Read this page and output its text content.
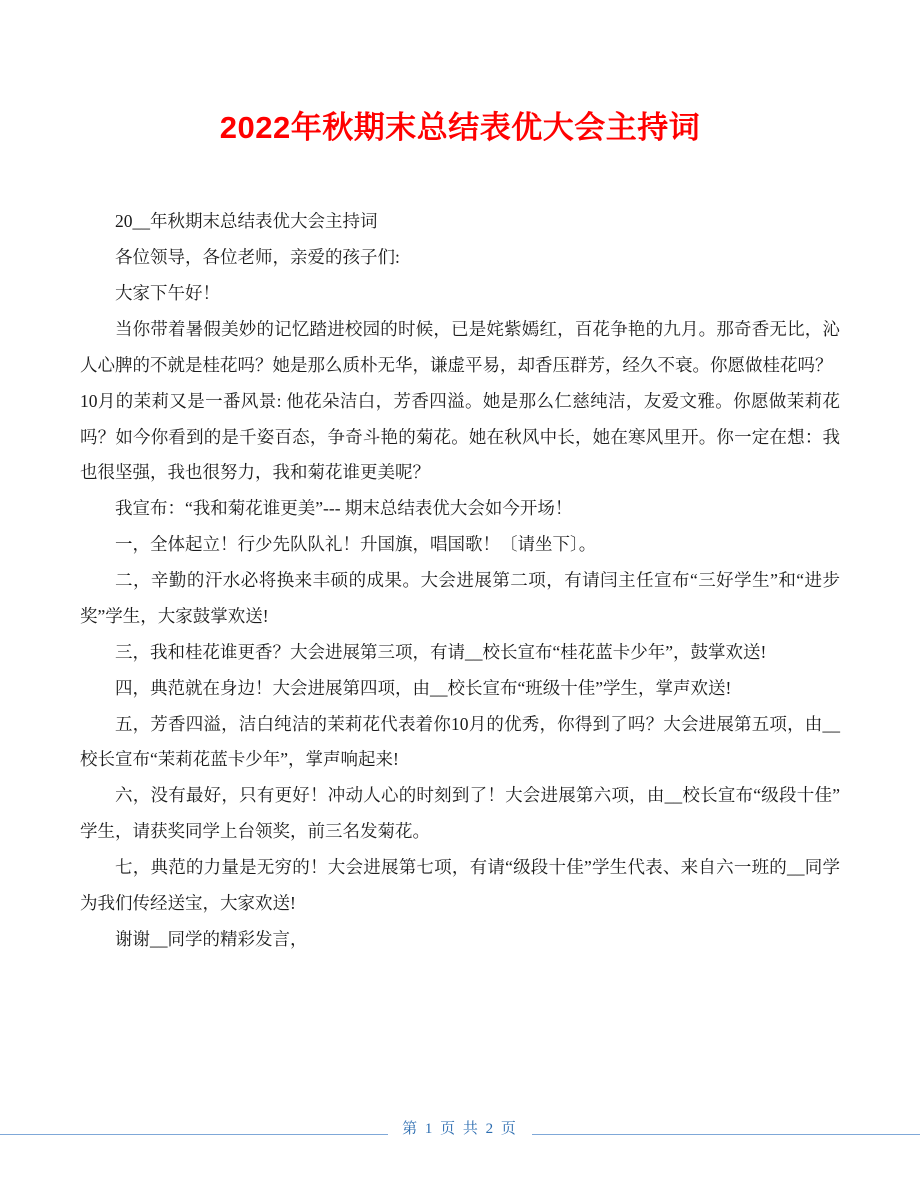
2022年秋期末总结表优大会主持词

20__年秋期末总结表优大会主持词

各位领导，各位老师，亲爱的孩子们:

大家下午好！

当你带着暑假美妙的记忆踏进校园的时候，已是姹紫嫣红，百花争艳的九月。那奇香无比，沁人心脾的不就是桂花吗？她是那么质朴无华，谦虚平易，却香压群芳，经久不衰。你愿做桂花吗？

10月的茉莉又是一番风景: 他花朵洁白，芳香四溢。她是那么仁慈纯洁，友爱文雅。你愿做茉莉花吗？如今你看到的是千姿百态，争奇斗艳的菊花。她在秋风中长，她在寒风里开。你一定在想：我也很坚强，我也很努力，我和菊花谁更美呢？

我宣布：“我和菊花谁更美”--- 期末总结表优大会如今开场！

一，全体起立！行少先队队礼！升国旗，唱国歌！〔请坐下〕。

二，辛勤的汗水必将换来丰硕的成果。大会进展第二项，有请闫主任宣布“三好学生”和“进步奖”学生，大家鼓掌欢送!

三，我和桂花谁更香？大会进展第三项，有请__校长宣布“桂花蓝卡少年”，鼓掌欢送!

四，典范就在身边！大会进展第四项，由__校长宣布“班级十佳”学生，掌声欢送!

五，芳香四溢，洁白纯洁的茉莉花代表着你10月的优秀，你得到了吗？大会进展第五项，由__校长宣布“茉莉花蓝卡少年”，掌声响起来!

六，没有最好，只有更好！冲动人心的时刻到了！大会进展第六项，由__校长宣布“级段十佳”学生，请获奖同学上台领奖，前三名发菊花。

七，典范的力量是无穷的！大会进展第七项，有请“级段十佳”学生代表、来自六一班的__同学为我们传经送宝，大家欢送!

谢谢__同学的精彩发言，

第 1 页 共 2 页
